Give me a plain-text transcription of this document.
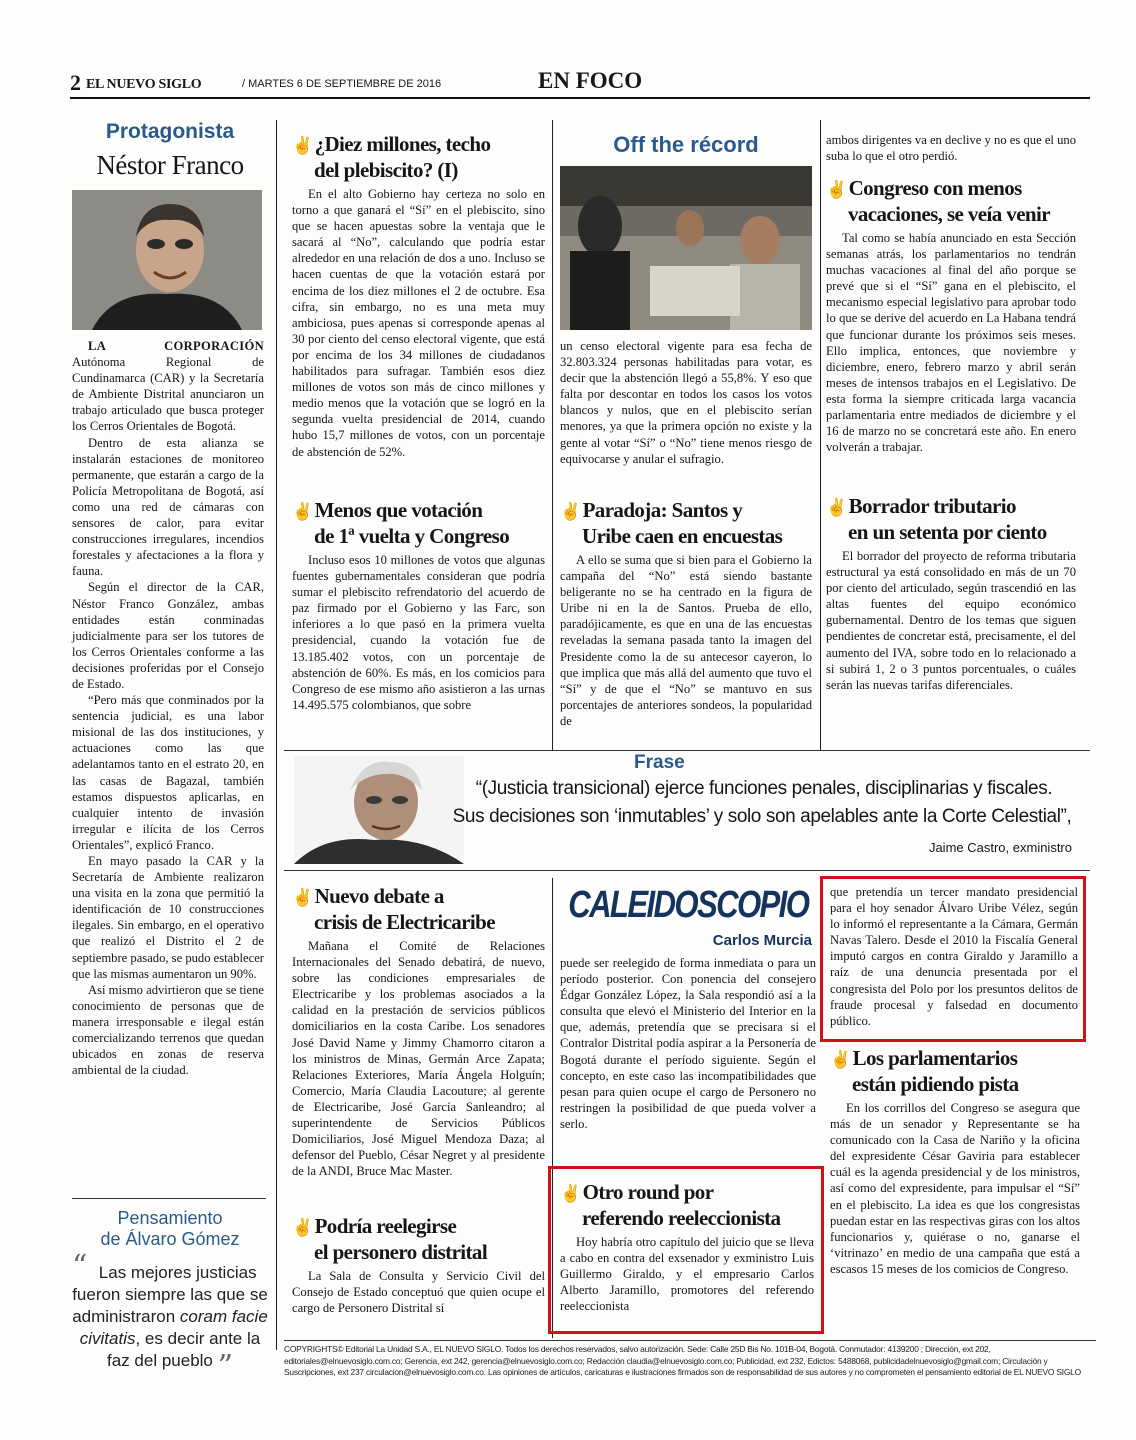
2 EL NUEVO SIGLO	/ MARTES 6 DE SEPTIEMBRE DE 2016	EN FOCO
Protagonista
Néstor Franco

LA CORPORACIÓN Autónoma Regional de Cundinamarca (CAR) y la Secretaría de Ambiente Distrital anunciaron un trabajo articulado que busca proteger los Cerros Orientales de Bogotá.

Dentro de esta alianza se instalarán estaciones de monitoreo permanente, que estarán a cargo de la Policía Metropolitana de Bogotá, así como una red de cámaras con sensores de calor, para evitar construcciones irregulares, incendios forestales y afectaciones a la flora y fauna.

Según el director de la CAR, Néstor Franco González, ambas entidades están conminadas judicialmente para ser los tutores de los Cerros Orientales conforme a las decisiones proferidas por el Consejo de Estado.

“Pero más que conminados por la sentencia judicial, es una labor misional de las dos instituciones, y actuaciones como las que adelantamos tanto en el estrato 20, en las casas de Bagazal, también estamos dispuestos aplicarlas, en cualquier intento de invasión irregular e ilícita de los Cerros Orientales”, explicó Franco.

En mayo pasado la CAR y la Secretaría de Ambiente realizaron una visita en la zona que permitió la identificación de 10 construcciones ilegales. Sin embargo, en el operativo que realizó el Distrito el 2 de septiembre pasado, se pudo establecer que las mismas aumentaron un 90%.

Así mismo advirtieron que se tiene conocimiento de personas que de manera irresponsable e ilegal están comercializando terrenos que quedan ubicados en zonas de reserva ambiental de la ciudad.

Pensamiento
de Álvaro Gómez
“ Las mejores justicias fueron siempre las que se administraron coram facie civitatis, es decir ante la faz del pueblo ”
✌¿Diez millones, techo
del plebiscito? (I)

En el alto Gobierno hay certeza no solo en torno a que ganará el “Sí” en el plebiscito, sino que se hacen apuestas sobre la ventaja que le sacará al “No”, calculando que podría estar alrededor en una relación de dos a uno. Incluso se hacen cuentas de que la votación estará por encima de los diez millones el 2 de octubre. Esa cifra, sin embargo, no es una meta muy ambiciosa, pues apenas si corresponde apenas al 30 por ciento del censo electoral vigente, que está por encima de los 34 millones de ciudadanos habilitados para sufragar. También esos diez millones de votos son más de cinco millones y medio menos que la votación que se logró en la segunda vuelta presidencial de 2014, cuando hubo 15,7 millones de votos, con un porcentaje de abstención de 52%.

✌Menos que votación
de 1ª vuelta y Congreso

Incluso esos 10 millones de votos que algunas fuentes gubernamentales consideran que podría sumar el plebiscito refrendatorio del acuerdo de paz firmado por el Gobierno y las Farc, son inferiores a lo que pasó en la primera vuelta presidencial, cuando la votación fue de 13.185.402 votos, con un porcentaje de abstención de 60%. Es más, en los comicios para Congreso de ese mismo año asistieron a las urnas 14.495.575 colombianos, que sobre

Off the récord

un censo electoral vigente para esa fecha de 32.803.324 personas habilitadas para votar, es decir que la abstención llegó a 55,8%. Y eso que falta por descontar en todos los casos los votos blancos y nulos, que en el plebiscito serían menores, ya que la primera opción no existe y la gente al votar “Sí” o “No” tiene menos riesgo de equivocarse y anular el sufragio.

✌Paradoja: Santos y
Uribe caen en encuestas

A ello se suma que si bien para el Gobierno la campaña del “No” está siendo bastante beligerante no se ha centrado en la figura de Uribe ni en la de Santos. Prueba de ello, paradójicamente, es que en una de las encuestas reveladas la semana pasada tanto la imagen del Presidente como la de su antecesor cayeron, lo que implica que más allá del aumento que tuvo el “Sí” y de que el “No” se mantuvo en sus porcentajes de anteriores sondeos, la popularidad de

ambos dirigentes va en declive y no es que el uno suba lo que el otro perdió.

✌Congreso con menos
vacaciones, se veía venir

Tal como se había anunciado en esta Sección semanas atrás, los parlamentarios no tendrán muchas vacaciones al final del año porque se prevé que si el “Sí” gana en el plebiscito, el mecanismo especial legislativo para aprobar todo lo que se derive del acuerdo en La Habana tendrá que funcionar durante los próximos seis meses. Ello implica, entonces, que noviembre y diciembre, enero, febrero marzo y abril serán meses de intensos trabajos en el Legislativo. De esta forma la siempre criticada larga vacancia parlamentaria entre mediados de diciembre y el 16 de marzo no se concretará este año. En enero volverán a trabajar.

✌Borrador tributario
en un setenta por ciento

El borrador del proyecto de reforma tributaria estructural ya está consolidado en más de un 70 por ciento del articulado, según trascendió en las altas fuentes del equipo económico gubernamental. Dentro de los temas que siguen pendientes de concretar está, precisamente, el del aumento del IVA, sobre todo en lo relacionado a si subirá 1, 2 o 3 puntos porcentuales, o cuáles serán las nuevas tarifas diferenciales.

Frase
“(Justicia transicional) ejerce funciones penales, disciplinarias y fiscales.
Sus decisiones son ‘inmutables’ y solo son apelables ante la Corte Celestial”,
Jaime Castro, exministro
✌Nuevo debate a
crisis de Electricaribe

Mañana el Comité de Relaciones Internacionales del Senado debatirá, de nuevo, sobre las condiciones empresariales de Electricaribe y los problemas asociados a la calidad en la prestación de servicios públicos domiciliarios en la costa Caribe. Los senadores José David Name y Jimmy Chamorro citaron a los ministros de Minas, Germán Arce Zapata; Relaciones Exteriores, María Ángela Holguín; Comercio, María Claudia Lacouture; al gerente de Electricaribe, José García Sanleandro; al superintendente de Servicios Públicos Domiciliarios, José Miguel Mendoza Daza; al defensor del Pueblo, César Negret y al presidente de la ANDI, Bruce Mac Master.

✌Podría reelegirse
el personero distrital

La Sala de Consulta y Servicio Civil del Consejo de Estado conceptuó que quien ocupe el cargo de Personero Distrital sí

CALEIDOSCOPIO
Carlos Murcia

puede ser reelegido de forma inmediata o para un período posterior. Con ponencia del consejero Édgar González López, la Sala respondió así a la consulta que elevó el Ministerio del Interior en la que, además, pretendía que se precisara si el Contralor Distrital podía aspirar a la Personería de Bogotá durante el período siguiente. Según el concepto, en este caso las incompatibilidades que pesan para quien ocupe el cargo de Personero no restringen la posibilidad de que pueda volver a serlo.

✌Otro round por
referendo reeleccionista

Hoy habría otro capítulo del juicio que se lleva a cabo en contra del exsenador y exministro Luis Guillermo Giraldo, y el empresario Carlos Alberto Jaramillo, promotores del referendo reeleccionista

que pretendía un tercer mandato presidencial para el hoy senador Álvaro Uribe Vélez, según lo informó el representante a la Cámara, Germán Navas Talero. Desde el 2010 la Fiscalía General imputó cargos en contra Giraldo y Jaramillo a raíz de una denuncia presentada por el congresista del Polo por los presuntos delitos de fraude procesal y falsedad en documento público.

✌Los parlamentarios
están pidiendo pista

En los corrillos del Congreso se asegura que más de un senador y Representante se ha comunicado con la Casa de Nariño y la oficina del expresidente César Gaviria para establecer cuál es la agenda presidencial y de los ministros, así como del expresidente, para impulsar el “Sí” en el plebiscito. La idea es que los congresistas puedan estar en las respectivas giras con los altos funcionarios y, quiérase o no, ganarse el ‘vitrinazo’ en medio de una campaña que está a escasos 15 meses de los comicios de Congreso.

COPYRIGHTS© Editorial La Unidad S.A., EL NUEVO SIGLO. Todos los derechos reservados, salvo autorización. Sede: Calle 25D Bis No. 101B-04, Bogotá. Conmutador: 4139200 ; Dirección, ext 202, editoriales@elnuevosiglo.com.co; Gerencia, ext 242, gerencia@elnuevosiglo.com.co; Redacción claudia@elnuevosiglo.com.co; Publicidad, ext 232, Edictos: 5488068, publicidadelnuevosiglo@gmail.com; Circulación y Suscripciones, ext 237 circulacion@elnuevosiglo.com.co. Las opiniones de artículos, caricaturas e ilustraciones firmados son de responsabilidad de sus autores y no comprometen el pensamiento editorial de EL NUEVO SIGLO
